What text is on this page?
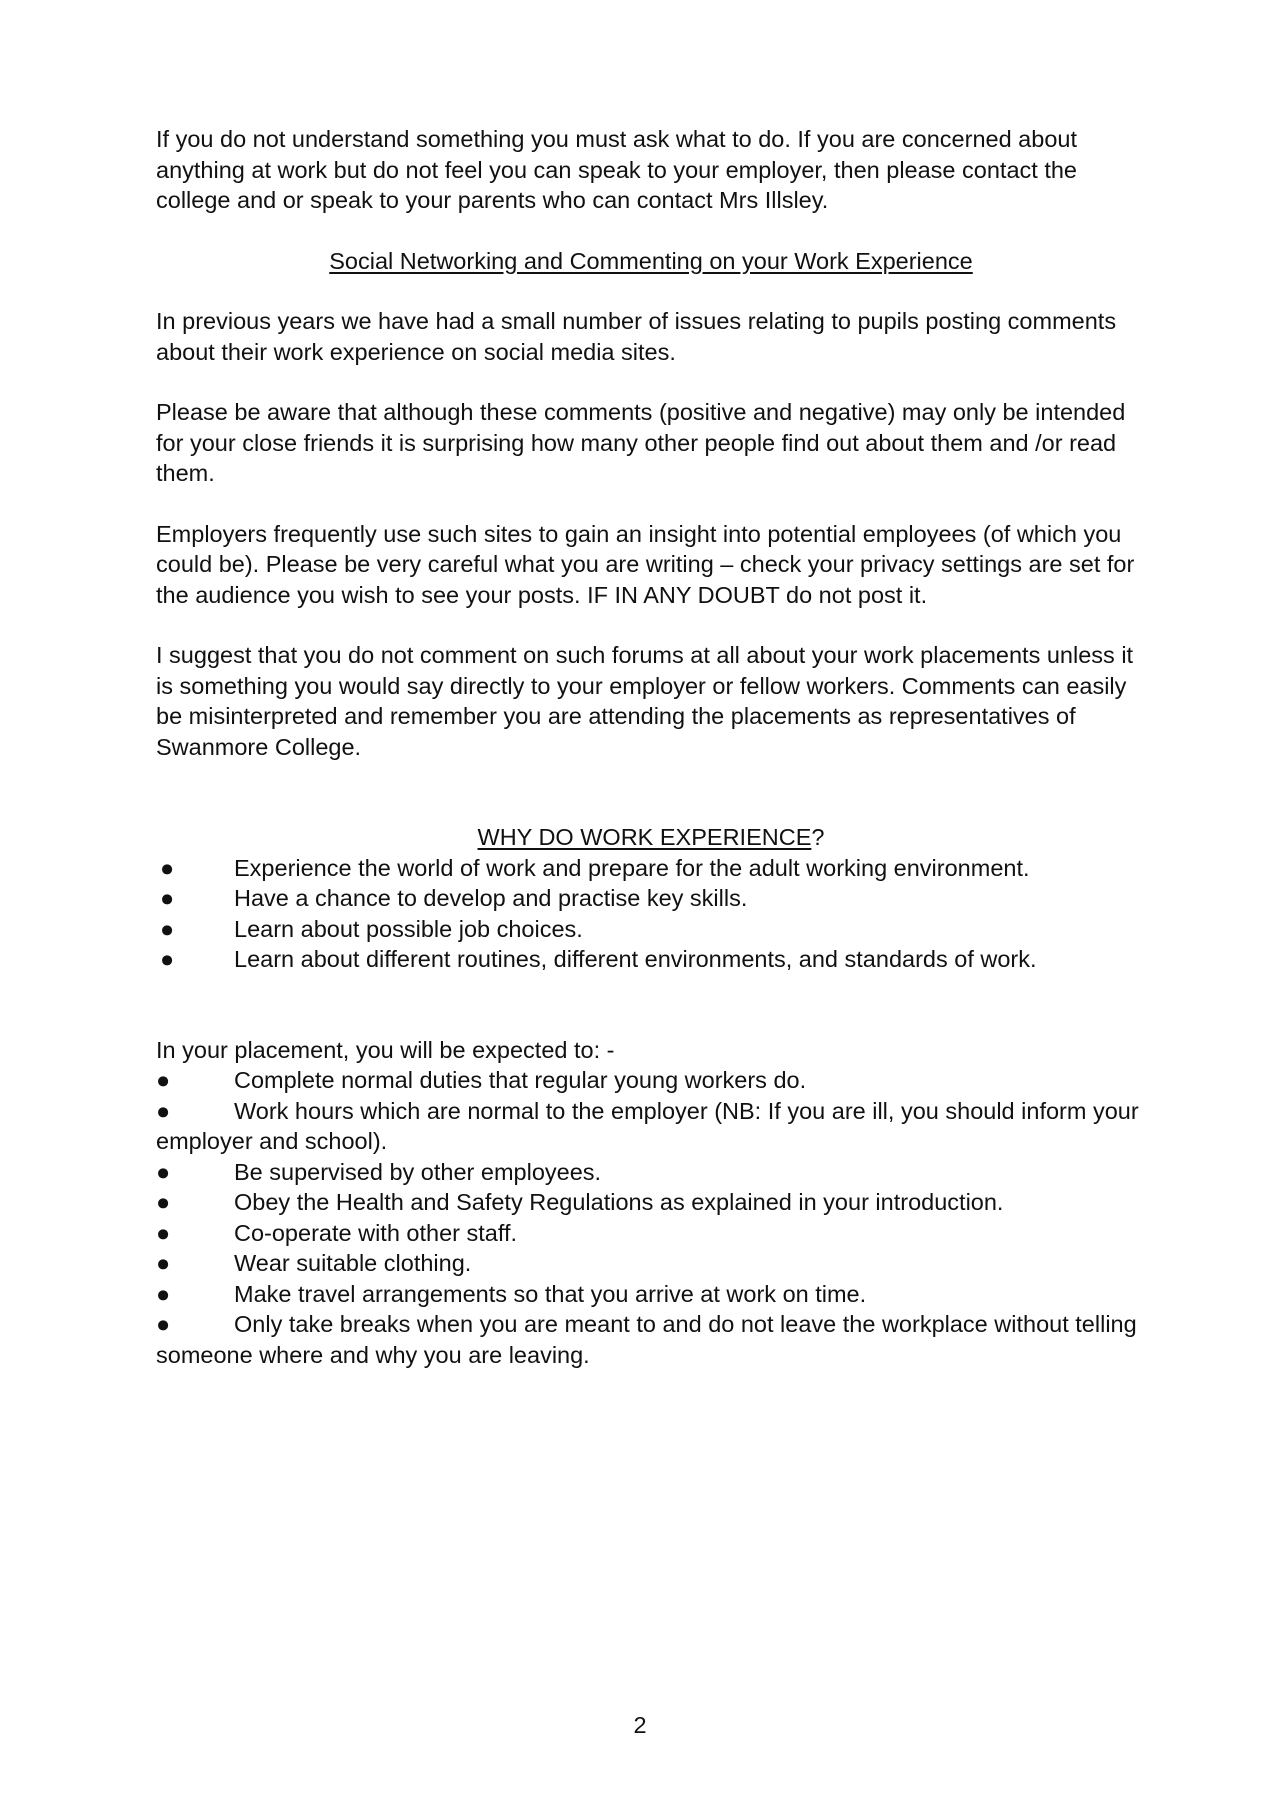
If you do not understand something you must ask what to do. If you are concerned about anything at work but do not feel you can speak to your employer, then please contact the college and or speak to your parents who can contact Mrs Illsley.

Social Networking and Commenting on your Work Experience

In previous years we have had a small number of issues relating to pupils posting comments about their work experience on social media sites.

Please be aware that although these comments (positive and negative) may only be intended for your close friends it is surprising how many other people find out about them and /or read them.

Employers frequently use such sites to gain an insight into potential employees (of which you could be). Please be very careful what you are writing – check your privacy settings are set for the audience you wish to see your posts. IF IN ANY DOUBT do not post it.

I suggest that you do not comment on such forums at all about your work placements unless it is something you would say directly to your employer or fellow workers. Comments can easily be misinterpreted and remember you are attending the placements as representatives of Swanmore College.

WHY DO WORK EXPERIENCE?

●	Experience the world of work and prepare for the adult working environment.
●	Have a chance to develop and practise key skills.
●	Learn about possible job choices.
●	Learn about different routines, different environments, and standards of work.

In your placement, you will be expected to: -

●	Complete normal duties that regular young workers do.
●	Work hours which are normal to the employer (NB: If you are ill, you should inform your employer and school).
●	Be supervised by other employees.
●	Obey the Health and Safety Regulations as explained in your introduction.
●	Co-operate with other staff.
●	Wear suitable clothing.
●	Make travel arrangements so that you arrive at work on time.
●	Only take breaks when you are meant to and do not leave the workplace without telling someone where and why you are leaving.
2
